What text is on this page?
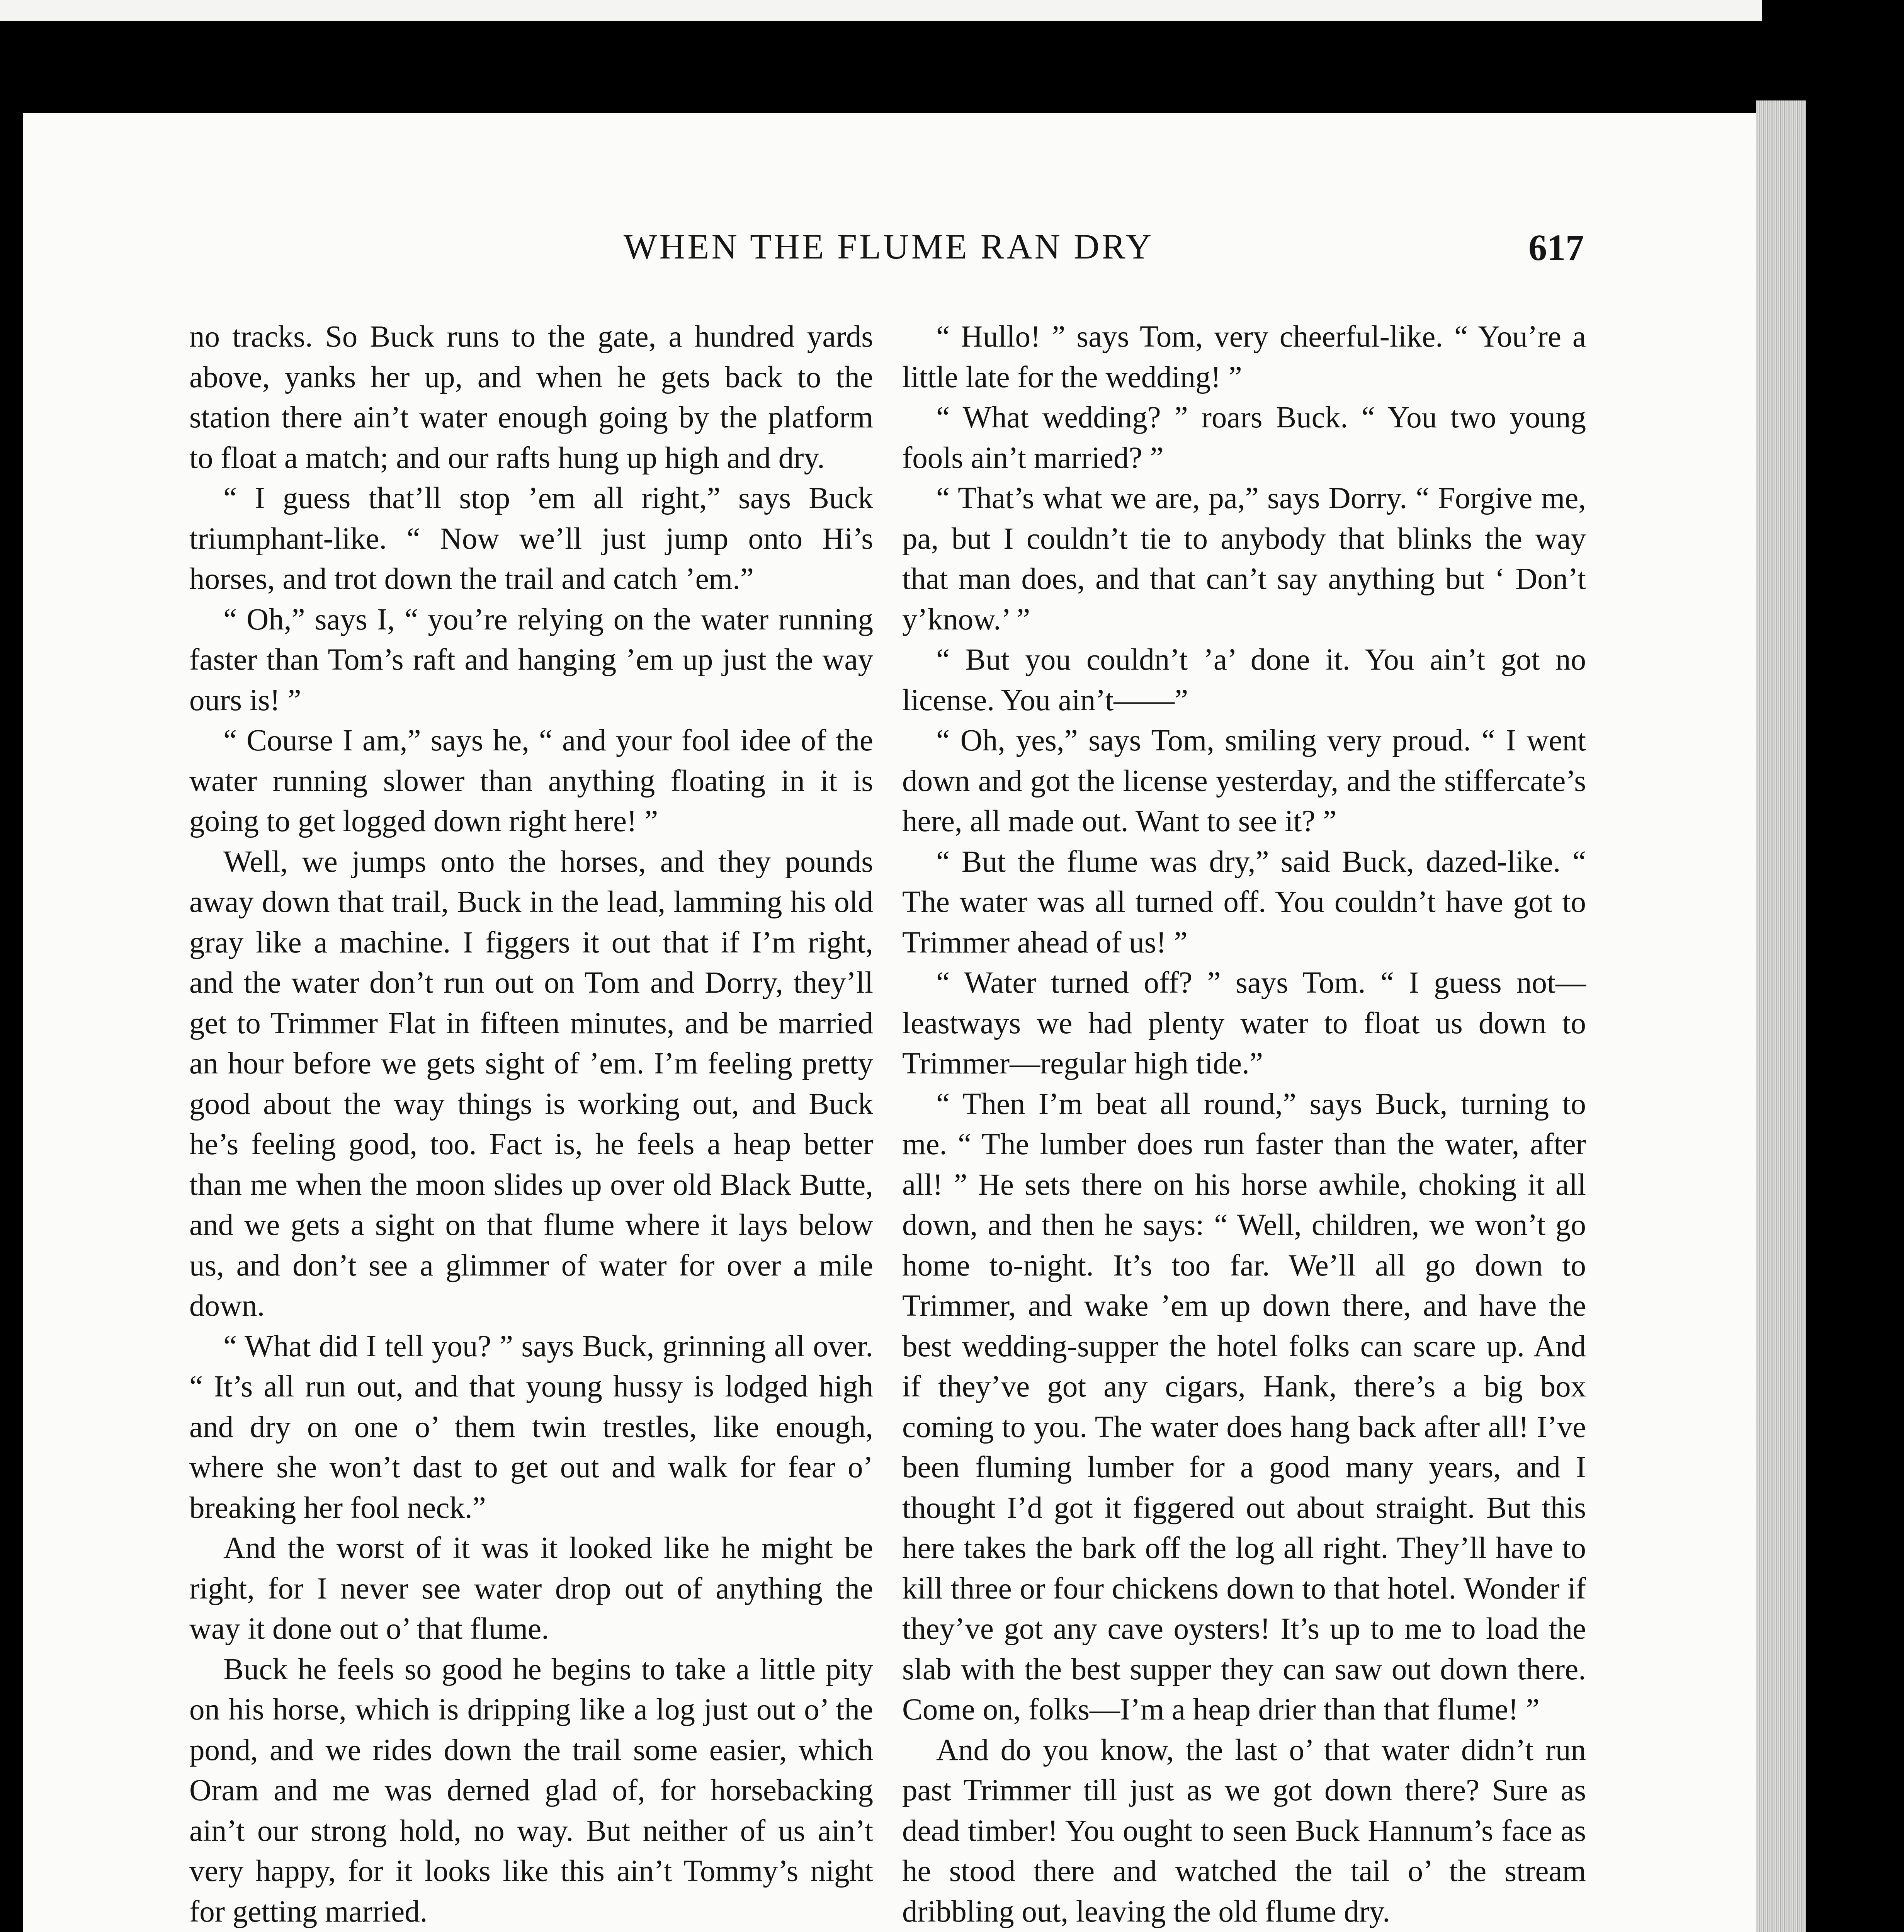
WHEN THE FLUME RAN DRY	617

no tracks. So Buck runs to the gate, a hundred yards above, yanks her up, and when he gets back to the station there ain’t water enough going by the platform to float a match; and our rafts hung up high and dry.

“ I guess that’ll stop ’em all right,” says Buck triumphant-like. “ Now we’ll just jump onto Hi’s horses, and trot down the trail and catch ’em.”

“ Oh,” says I, “ you’re relying on the water running faster than Tom’s raft and hanging ’em up just the way ours is! ”

“ Course I am,” says he, “ and your fool idee of the water running slower than anything floating in it is going to get logged down right here! ”

Well, we jumps onto the horses, and they pounds away down that trail, Buck in the lead, lamming his old gray like a machine. I figgers it out that if I’m right, and the water don’t run out on Tom and Dorry, they’ll get to Trimmer Flat in fifteen minutes, and be married an hour before we gets sight of ’em. I’m feeling pretty good about the way things is working out, and Buck he’s feeling good, too. Fact is, he feels a heap better than me when the moon slides up over old Black Butte, and we gets a sight on that flume where it lays below us, and don’t see a glimmer of water for over a mile down.

“ What did I tell you? ” says Buck, grinning all over. “ It’s all run out, and that young hussy is lodged high and dry on one o’ them twin trestles, like enough, where she won’t dast to get out and walk for fear o’ breaking her fool neck.”

And the worst of it was it looked like he might be right, for I never see water drop out of anything the way it done out o’ that flume.

Buck he feels so good he begins to take a little pity on his horse, which is dripping like a log just out o’ the pond, and we rides down the trail some easier, which Oram and me was derned glad of, for horsebacking ain’t our strong hold, no way. But neither of us ain’t very happy, for it looks like this ain’t Tommy’s night for getting married.

“ Hullo! ” says Tom, very cheerful-like. “ You’re a little late for the wedding! ”

“ What wedding? ” roars Buck. “ You two young fools ain’t married? ”

“ That’s what we are, pa,” says Dorry. “ Forgive me, pa, but I couldn’t tie to anybody that blinks the way that man does, and that can’t say anything but ‘ Don’t y’know.’ ”

“ But you couldn’t ’a’ done it. You ain’t got no license. You ain’t——”

“ Oh, yes,” says Tom, smiling very proud. “ I went down and got the license yesterday, and the stiffercate’s here, all made out. Want to see it? ”

“ But the flume was dry,” said Buck, dazed-like. “ The water was all turned off. You couldn’t have got to Trimmer ahead of us! ”

“ Water turned off? ” says Tom. “ I guess not—leastways we had plenty water to float us down to Trimmer—regular high tide.”

“ Then I’m beat all round,” says Buck, turning to me. “ The lumber does run faster than the water, after all! ” He sets there on his horse awhile, choking it all down, and then he says: “ Well, children, we won’t go home to-night. It’s too far. We’ll all go down to Trimmer, and wake ’em up down there, and have the best wedding-supper the hotel folks can scare up. And if they’ve got any cigars, Hank, there’s a big box coming to you. The water does hang back after all! I’ve been fluming lumber for a good many years, and I thought I’d got it figgered out about straight. But this here takes the bark off the log all right. They’ll have to kill three or four chickens down to that hotel. Wonder if they’ve got any cave oysters! It’s up to me to load the slab with the best supper they can saw out down there. Come on, folks—I’m a heap drier than that flume! ”

And do you know, the last o’ that water didn’t run past Trimmer till just as we got down there? Sure as dead timber! You ought to seen Buck Hannum’s face as he stood there and watched the tail o’ the stream dribbling out, leaving the old flume dry.
